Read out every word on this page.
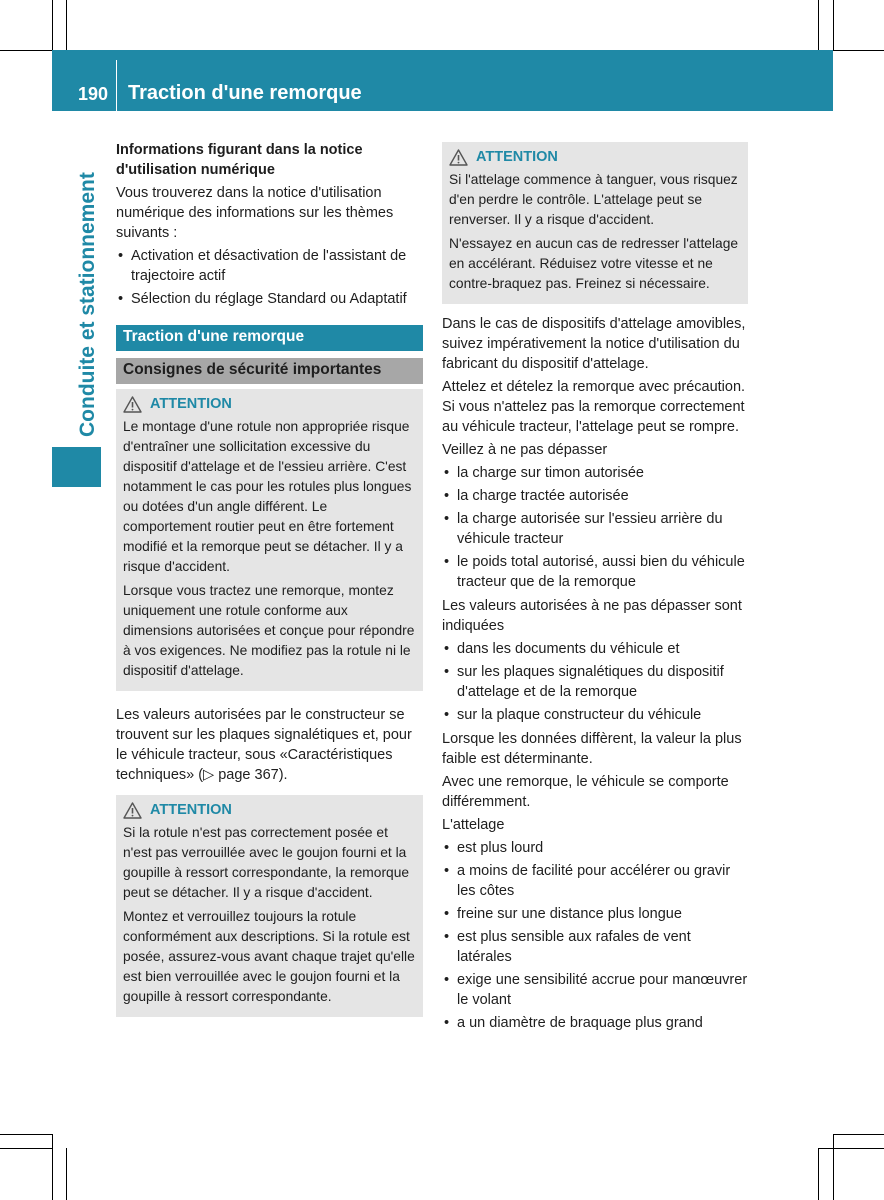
190 Traction d'une remorque
Conduite et stationnement

Informations figurant dans la notice d'utilisation numérique

Vous trouverez dans la notice d'utilisation numérique des informations sur les thèmes suivants :

• Activation et désactivation de l'assistant de trajectoire actif
• Sélection du réglage Standard ou Adaptatif
Traction d'une remorque
Consignes de sécurité importantes
ATTENTION

Le montage d'une rotule non appropriée risque d'entraîner une sollicitation excessive du dispositif d'attelage et de l'essieu arrière. C'est notamment le cas pour les rotules plus longues ou dotées d'un angle différent. Le comportement routier peut en être fortement modifié et la remorque peut se détacher. Il y a risque d'accident.

Lorsque vous tractez une remorque, montez uniquement une rotule conforme aux dimensions autorisées et conçue pour répondre à vos exigences. Ne modifiez pas la rotule ni le dispositif d'attelage.

Les valeurs autorisées par le constructeur se trouvent sur les plaques signalétiques et, pour le véhicule tracteur, sous «Caractéristiques techniques» (▷ page 367).

ATTENTION

Si la rotule n'est pas correctement posée et n'est pas verrouillée avec le goujon fourni et la goupille à ressort correspondante, la remorque peut se détacher. Il y a risque d'accident.

Montez et verrouillez toujours la rotule conformément aux descriptions. Si la rotule est posée, assurez-vous avant chaque trajet qu'elle est bien verrouillée avec le goujon fourni et la goupille à ressort correspondante.

ATTENTION

Si l'attelage commence à tanguer, vous risquez d'en perdre le contrôle. L'attelage peut se renverser. Il y a risque d'accident.

N'essayez en aucun cas de redresser l'attelage en accélérant. Réduisez votre vitesse et ne contre-braquez pas. Freinez si nécessaire.

Dans le cas de dispositifs d'attelage amovibles, suivez impérativement la notice d'utilisation du fabricant du dispositif d'attelage.

Attelez et dételez la remorque avec précaution. Si vous n'attelez pas la remorque correctement au véhicule tracteur, l'attelage peut se rompre.

Veillez à ne pas dépasser

• la charge sur timon autorisée
• la charge tractée autorisée
• la charge autorisée sur l'essieu arrière du véhicule tracteur
• le poids total autorisé, aussi bien du véhicule tracteur que de la remorque

Les valeurs autorisées à ne pas dépasser sont indiquées

• dans les documents du véhicule et
• sur les plaques signalétiques du dispositif d'attelage et de la remorque
• sur la plaque constructeur du véhicule

Lorsque les données diffèrent, la valeur la plus faible est déterminante.

Avec une remorque, le véhicule se comporte différemment.

L'attelage

• est plus lourd
• a moins de facilité pour accélérer ou gravir les côtes
• freine sur une distance plus longue
• est plus sensible aux rafales de vent latérales
• exige une sensibilité accrue pour manœuvrer le volant
• a un diamètre de braquage plus grand
